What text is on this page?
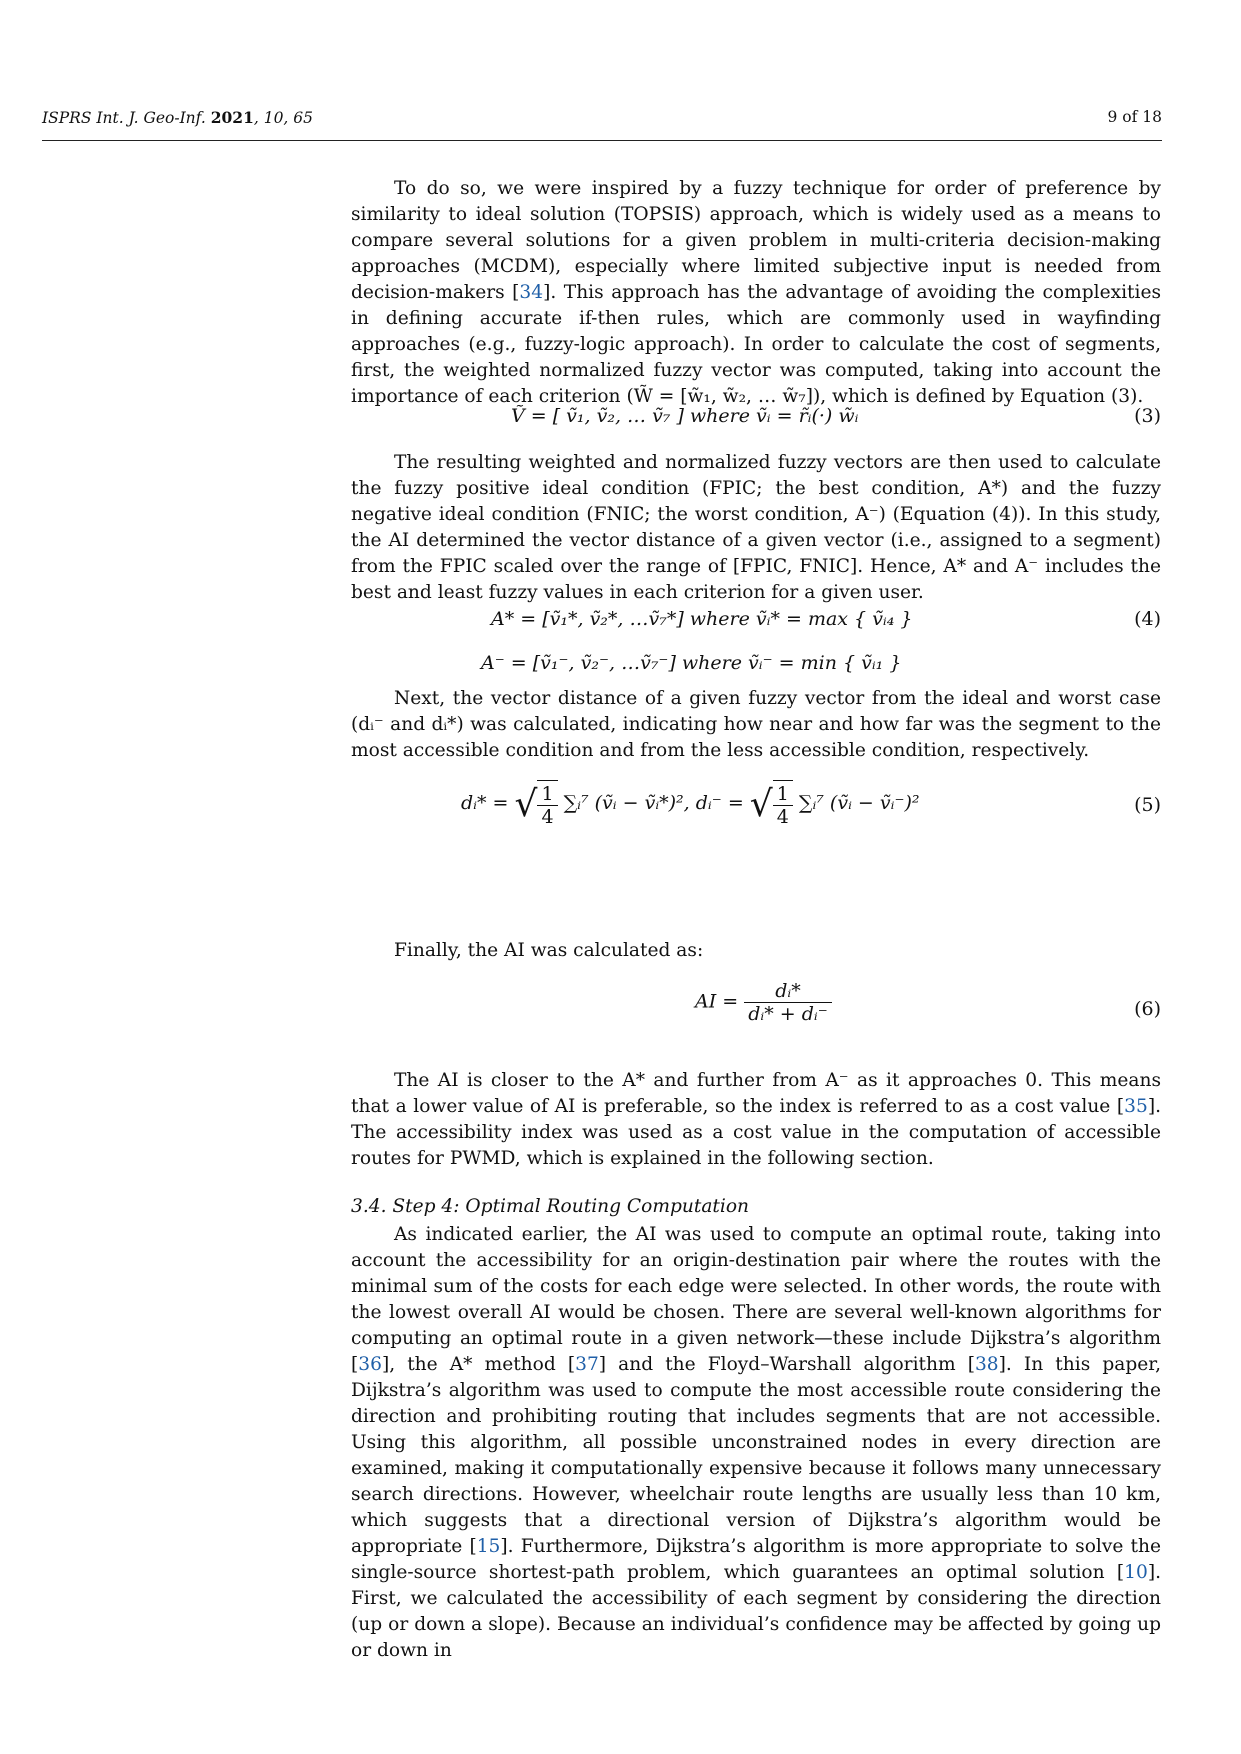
ISPRS Int. J. Geo-Inf. 2021, 10, 65	9 of 18

To do so, we were inspired by a fuzzy technique for order of preference by similarity to ideal solution (TOPSIS) approach, which is widely used as a means to compare several solutions for a given problem in multi-criteria decision-making approaches (MCDM), especially where limited subjective input is needed from decision-makers [34]. This approach has the advantage of avoiding the complexities in defining accurate if-then rules, which are commonly used in wayfinding approaches (e.g., fuzzy-logic approach). In order to calculate the cost of segments, first, the weighted normalized fuzzy vector was computed, taking into account the importance of each criterion (W̃ = [w̃₁, w̃₂, … w̃₇]), which is defined by Equation (3).

Ṽ = [ ṽ₁, ṽ₂, … ṽ₇ ] where ṽᵢ = r̃ᵢ(·) w̃ᵢ	(3)

The resulting weighted and normalized fuzzy vectors are then used to calculate the fuzzy positive ideal condition (FPIC; the best condition, A*) and the fuzzy negative ideal condition (FNIC; the worst condition, A⁻) (Equation (4)). In this study, the AI determined the vector distance of a given vector (i.e., assigned to a segment) from the FPIC scaled over the range of [FPIC, FNIC]. Hence, A* and A⁻ includes the best and least fuzzy values in each criterion for a given user.

A* = [ṽ₁*, ṽ₂*, …ṽ₇*] where ṽᵢ* = max { ṽᵢ₄ }	(4)
A⁻ = [ṽ₁⁻, ṽ₂⁻, …ṽ₇⁻] where ṽᵢ⁻ = min { ṽᵢ₁ }

Next, the vector distance of a given fuzzy vector from the ideal and worst case (dᵢ⁻ and dᵢ*) was calculated, indicating how near and how far was the segment to the most accessible condition and from the less accessible condition, respectively.

dᵢ* = √ $\frac{1}{4}$ ∑ᵢ⁷ (ṽᵢ − ṽᵢ*)², dᵢ⁻ = √ $\frac{1}{4}$ ∑ᵢ⁷ (ṽᵢ − ṽᵢ⁻)²	(5)

Finally, the AI was calculated as:

AI = $\frac{\text{dᵢ*}}{\text{dᵢ* + dᵢ⁻}}$	(6)

The AI is closer to the A* and further from A⁻ as it approaches 0. This means that a lower value of AI is preferable, so the index is referred to as a cost value [35]. The accessibility index was used as a cost value in the computation of accessible routes for PWMD, which is explained in the following section.

3.4. Step 4: Optimal Routing Computation

As indicated earlier, the AI was used to compute an optimal route, taking into account the accessibility for an origin-destination pair where the routes with the minimal sum of the costs for each edge were selected. In other words, the route with the lowest overall AI would be chosen. There are several well-known algorithms for computing an optimal route in a given network—these include Dijkstra’s algorithm [36], the A* method [37] and the Floyd–Warshall algorithm [38]. In this paper, Dijkstra’s algorithm was used to compute the most accessible route considering the direction and prohibiting routing that includes segments that are not accessible. Using this algorithm, all possible unconstrained nodes in every direction are examined, making it computationally expensive because it follows many unnecessary search directions. However, wheelchair route lengths are usually less than 10 km, which suggests that a directional version of Dijkstra’s algorithm would be appropriate [15]. Furthermore, Dijkstra’s algorithm is more appropriate to solve the single-source shortest-path problem, which guarantees an optimal solution [10]. First, we calculated the accessibility of each segment by considering the direction (up or down a slope). Because an individual’s confidence may be affected by going up or down in
